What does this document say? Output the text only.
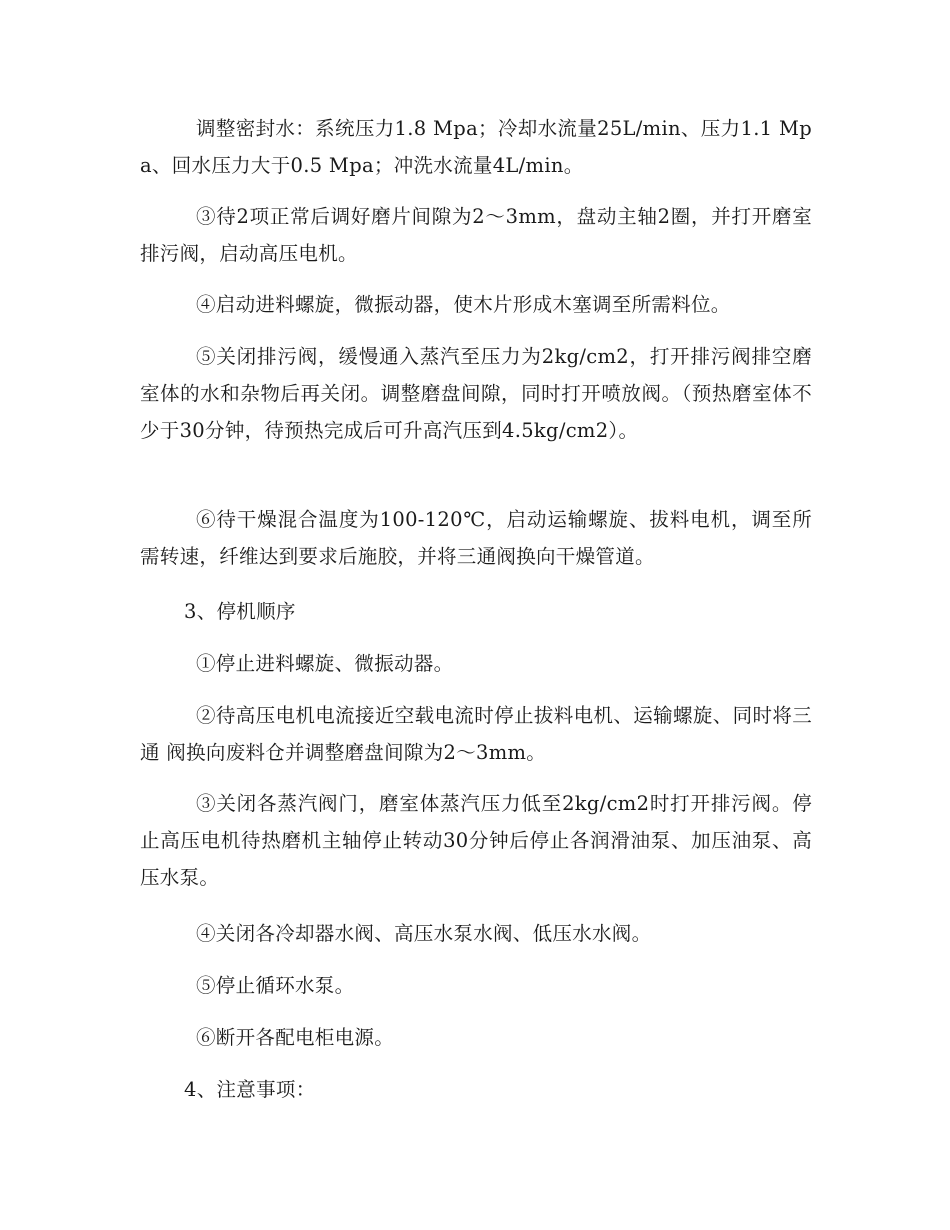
调整密封水：系统压力1.8 Mpa；冷却水流量25L/min、压力1.1 Mpa、回水压力大于0.5 Mpa；冲洗水流量4L/min。

③待2项正常后调好磨片间隙为2～3mm，盘动主轴2圈，并打开磨室排污阀，启动高压电机。

④启动进料螺旋，微振动器，使木片形成木塞调至所需料位。

⑤关闭排污阀，缓慢通入蒸汽至压力为2kg/cm2，打开排污阀排空磨室体的水和杂物后再关闭。调整磨盘间隙，同时打开喷放阀。（预热磨室体不少于30分钟，待预热完成后可升高汽压到4.5kg/cm2）。

⑥待干燥混合温度为100-120℃，启动运输螺旋、拔料电机，调至所需转速，纤维达到要求后施胶，并将三通阀换向干燥管道。

3、停机顺序

①停止进料螺旋、微振动器。

②待高压电机电流接近空载电流时停止拔料电机、运输螺旋、同时将三通 阀换向废料仓并调整磨盘间隙为2～3mm。

③关闭各蒸汽阀门，磨室体蒸汽压力低至2kg/cm2时打开排污阀。停止高压电机待热磨机主轴停止转动30分钟后停止各润滑油泵、加压油泵、高压水泵。

④关闭各冷却器水阀、高压水泵水阀、低压水水阀。

⑤停止循环水泵。

⑥断开各配电柜电源。

4、注意事项：
